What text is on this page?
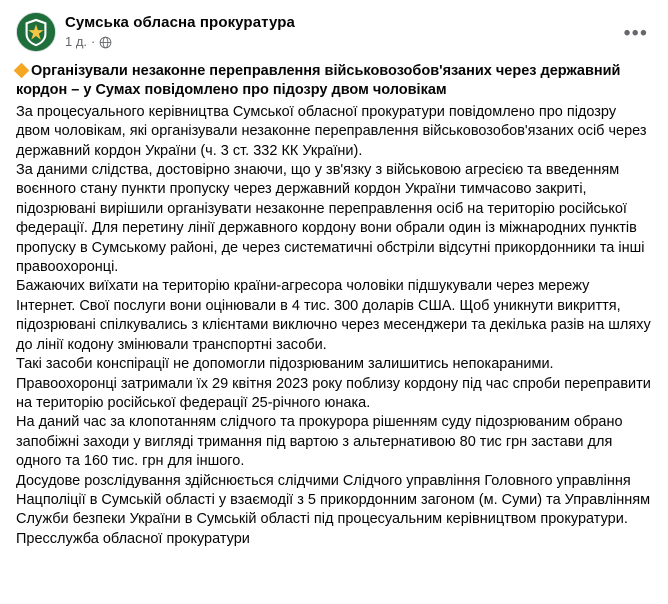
Сумська обласна прокуратура
1 д. ·	•••
Організували незаконне переправлення військовозобов'язаних через державний кордон – у Сумах повідомлено про підозру двом чоловікам

За процесуального керівництва Сумської обласної прокуратури повідомлено про підозру двом чоловікам, які організували незаконне переправлення військовозобов'язаних осіб через державний кордон України (ч. 3 ст. 332 КК України).

За даними слідства, достовірно знаючи, що у зв'язку з військовою агресією та введенням воєнного стану пункти пропуску через державний кордон України тимчасово закриті, підозрювані вирішили організувати незаконне переправлення осіб на територію російської федерації. Для перетину лінії державного кордону вони обрали один із міжнародних пунктів пропуску в Сумському районі, де через систематичні обстріли відсутні прикордонники та інші правоохоронці.

Бажаючих виїхати на територію країни-агресора чоловіки підшукували через мережу Інтернет. Свої послуги вони оцінювали в 4 тис. 300 доларів США. Щоб уникнути викриття, підозрювані спілкувались з клієнтами виключно через месенджери та декілька разів на шляху до лінії кодону змінювали транспортні засоби.

Такі засоби конспірації не допомогли підозрюваним залишитись непокараними. Правоохоронці затримали їх 29 квітня 2023 року поблизу кордону під час спроби переправити на територію російської федерації 25-річного юнака.

На даний час за клопотанням слідчого та прокурора рішенням суду підозрюваним обрано запобіжні заходи у вигляді тримання під вартою з альтернативою 80 тис грн застави для одного та 160 тис. грн для іншого.

Досудове розслідування здійснюється слідчими Слідчого управління Головного управління Нацполіції в Сумській області у взаємодії з 5 прикордонним загоном (м. Суми) та Управлінням Служби безпеки України в Сумській області під процесуальним керівництвом прокуратури.

Пресслужба обласної прокуратури
